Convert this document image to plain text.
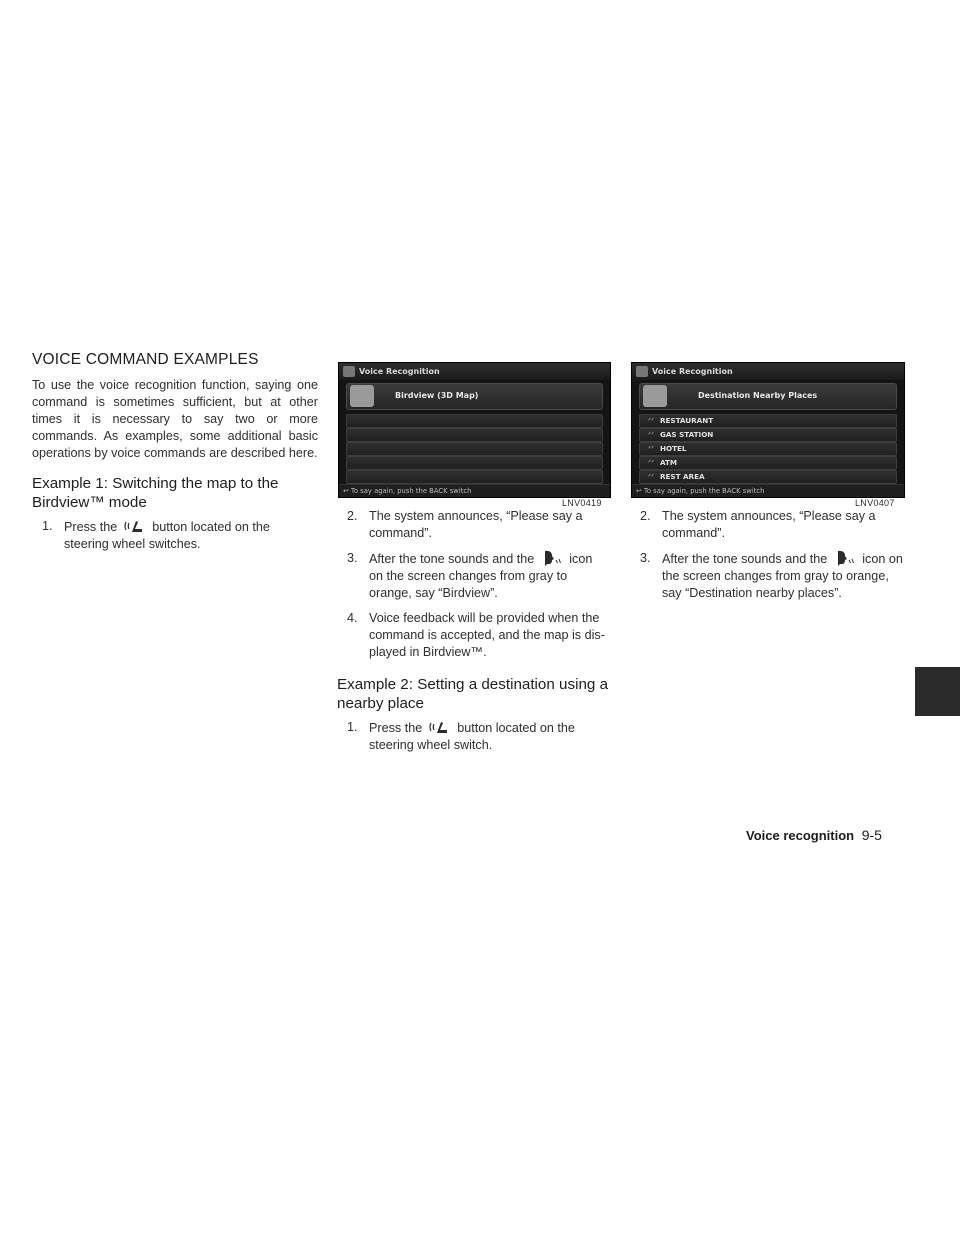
VOICE COMMAND EXAMPLES

To use the voice recognition function, saying one command is sometimes sufficient, but at other times it is necessary to say two or more commands. As examples, some additional basic operations by voice commands are described here.

Example 1: Switching the map to the Birdview™ mode
1. Press the	button located on the steering wheel switches.
2. The system announces, “Please say a command”.
3. After the tone sounds and the	icon on the screen changes from gray to orange, say “Birdview”.
4. Voice feedback will be provided when the command is accepted, and the map is dis- played in Birdview™.
Example 2: Setting a destination using a nearby place
1. Press the	button located on the steering wheel switch.
2. The system announces, “Please say a command”.
3. After the tone sounds and the	icon on the screen changes from gray to orange, say “Destination nearby places”.
Voice Recognition
Birdview (3D Map)
↩ To say again, push the BACK switch
LNV0419
Voice Recognition
Destination Nearby Places
ᐟᐟ RESTAURANT
ᐟᐟ GAS STATION
ᐟᐟ HOTEL
ᐟᐟ ATM
ᐟᐟ REST AREA
↩ To say again, push the BACK switch
LNV0407
Voice recognition 9-5
